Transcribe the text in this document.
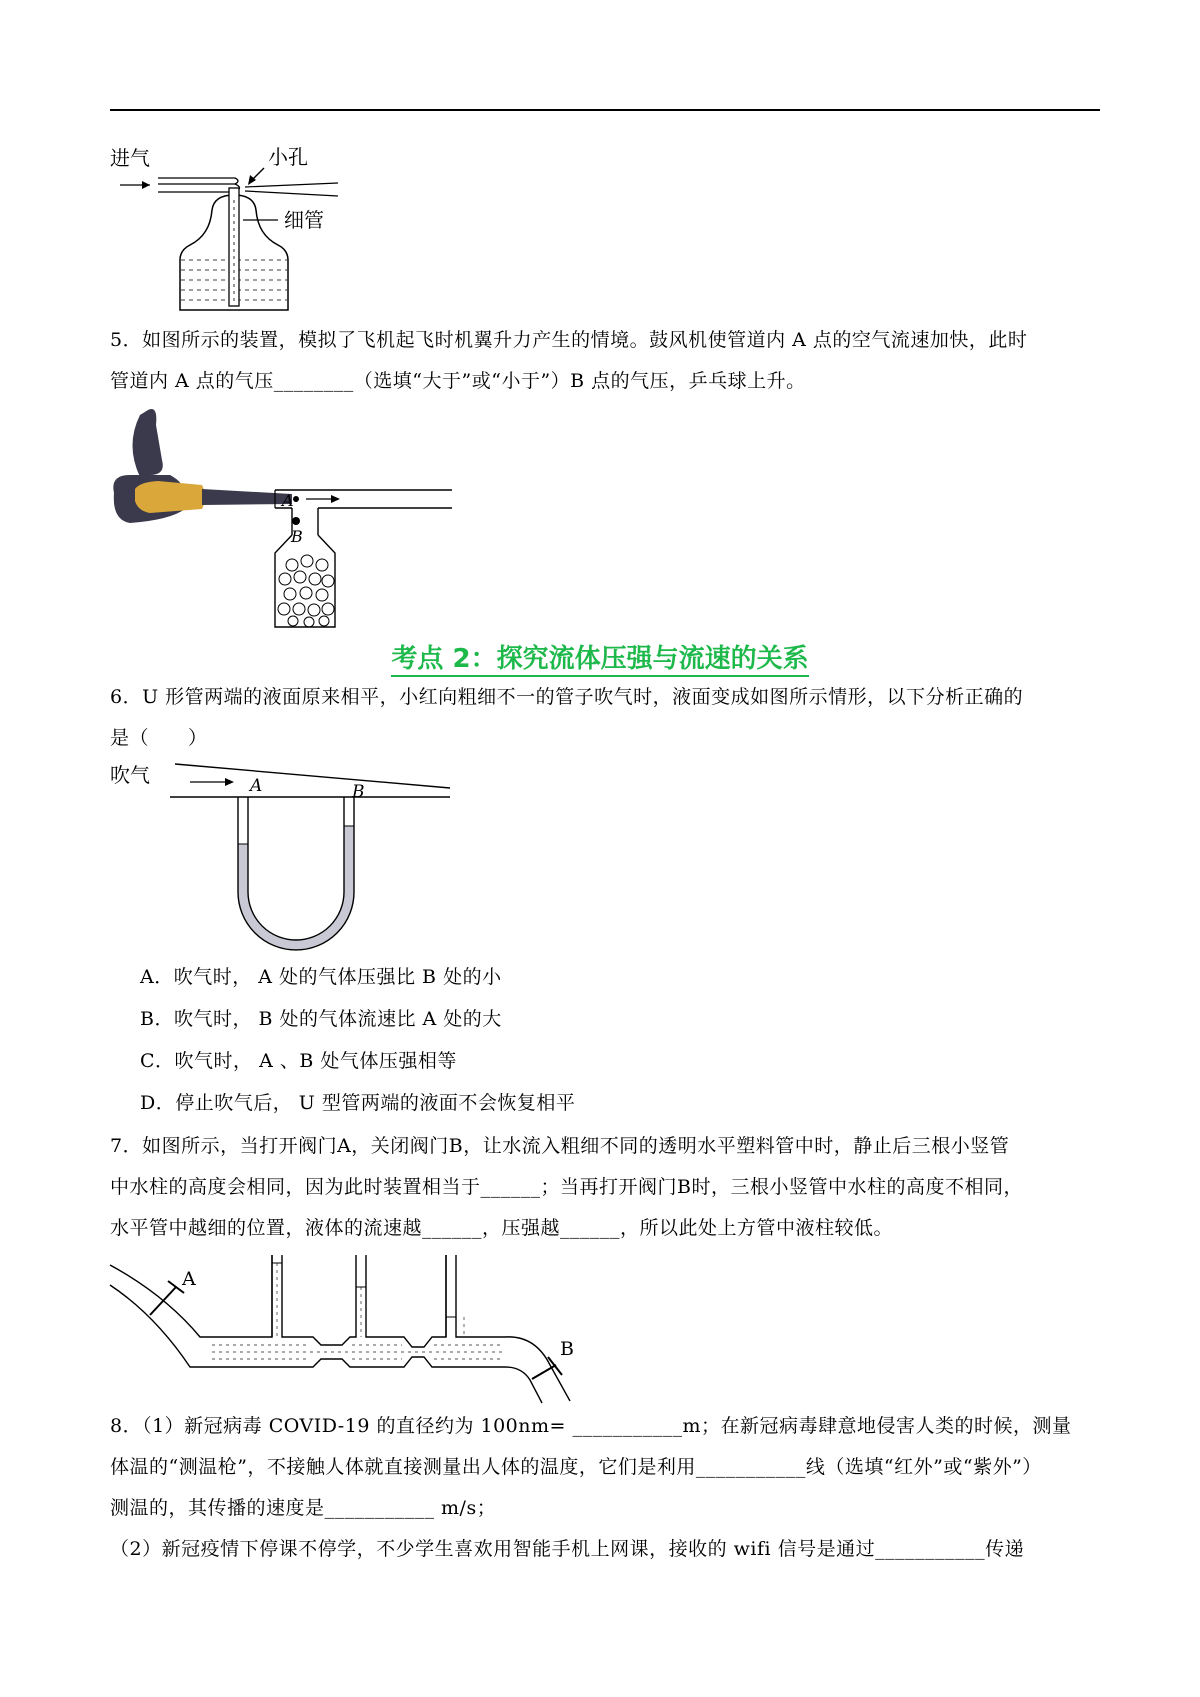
进气	小孔
细管
5．如图所示的装置，模拟了飞机起飞时机翼升力产生的情境。鼓风机使管道内 A 点的空气流速加快，此时
管道内 A 点的气压________（选填“大于”或“小于”）B 点的气压，乒乓球上升。
A
B
考点 2：探究流体压强与流速的关系
6．U 形管两端的液面原来相平，小红向粗细不一的管子吹气时，液面变成如图所示情形，以下分析正确的
是（　　）
吹气	A	B
A．吹气时， A 处的气体压强比 B 处的小
B．吹气时， B 处的气体流速比 A 处的大
C．吹气时， A 、B 处气体压强相等
D．停止吹气后， U 型管两端的液面不会恢复相平
7．如图所示，当打开阀门A，关闭阀门B，让水流入粗细不同的透明水平塑料管中时，静止后三根小竖管
中水柱的高度会相同，因为此时装置相当于______；当再打开阀门B时，三根小竖管中水柱的高度不相同，
水平管中越细的位置，液体的流速越______，压强越______，所以此处上方管中液柱较低。
A
B
8．（1）新冠病毒 COVID-19 的直径约为 100nm= ___________m；在新冠病毒肆意地侵害人类的时候，测量
体温的“测温枪”，不接触人体就直接测量出人体的温度，它们是利用___________线（选填“红外”或“紫外”）
测温的，其传播的速度是___________ m/s；
（2）新冠疫情下停课不停学，不少学生喜欢用智能手机上网课，接收的 wifi 信号是通过___________传递
